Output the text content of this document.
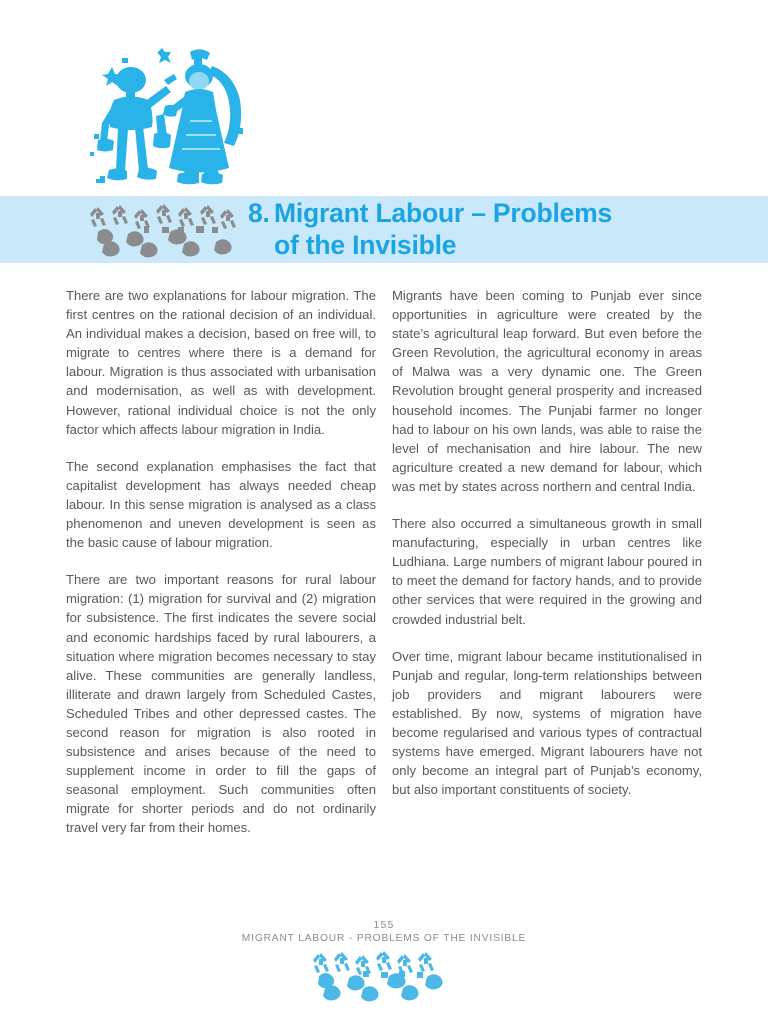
8. Migrant Labour – Problems
of the Invisible

There are two explanations for labour migration. The first centres on the rational decision of an individual. An individual makes a decision, based on free will, to migrate to centres where there is a demand for labour. Migration is thus associated with urbanisation and modernisation, as well as with development. However, rational individual choice is not the only factor which affects labour migration in India.

The second explanation emphasises the fact that capitalist development has always needed cheap labour. In this sense migration is analysed as a class phenomenon and uneven development is seen as the basic cause of labour migration.

There are two important reasons for rural labour migration: (1) migration for survival and (2) migration for subsistence. The first indicates the severe social and economic hardships faced by rural labourers, a situation where migration becomes necessary to stay alive. These communities are generally landless, illiterate and drawn largely from Scheduled Castes, Scheduled Tribes and other depressed castes. The second reason for migration is also rooted in subsistence and arises because of the need to supplement income in order to fill the gaps of seasonal employment. Such communities often migrate for shorter periods and do not ordinarily travel very far from their homes.

Migrants have been coming to Punjab ever since opportunities in agriculture were created by the state’s agricultural leap forward. But even before the Green Revolution, the agricultural economy in areas of Malwa was a very dynamic one. The Green Revolution brought general prosperity and increased household incomes. The Punjabi farmer no longer had to labour on his own lands, was able to raise the level of mechanisation and hire labour. The new agriculture created a new demand for labour, which was met by states across northern and central India.

There also occurred a simultaneous growth in small manufacturing, especially in urban centres like Ludhiana. Large numbers of migrant labour poured in to meet the demand for factory hands, and to provide other services that were required in the growing and crowded industrial belt.

Over time, migrant labour became institutionalised in Punjab and regular, long-term relationships between job providers and migrant labourers were established. By now, systems of migration have become regularised and various types of contractual systems have emerged. Migrant labourers have not only become an integral part of Punjab’s economy, but also important constituents of society.

155
MIGRANT LABOUR - PROBLEMS OF THE INVISIBLE
